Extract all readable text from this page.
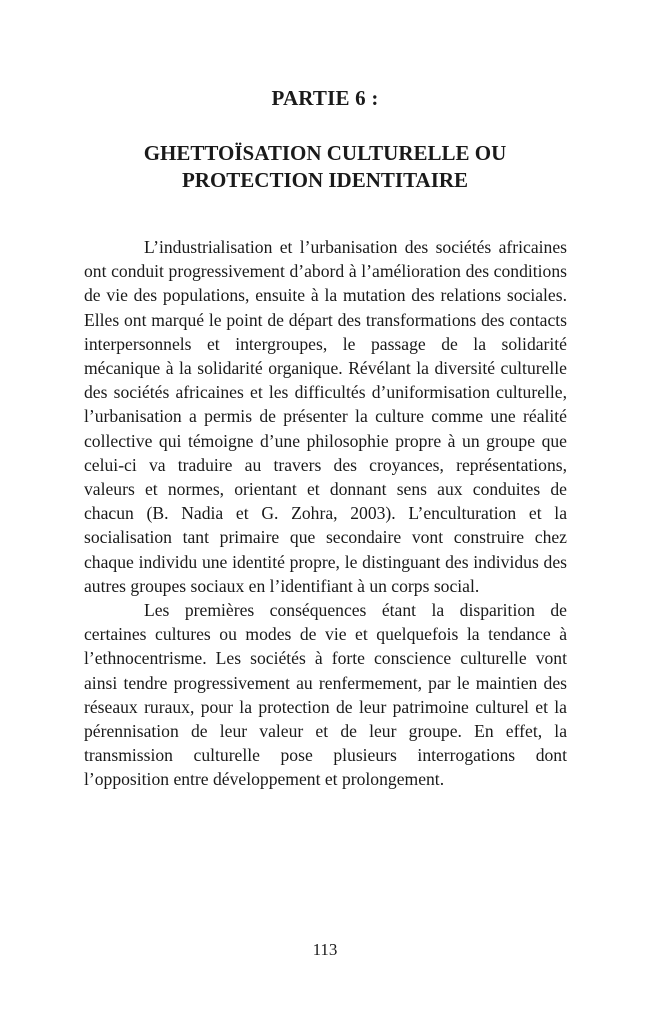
PARTIE 6 :
GHETTOÏSATION CULTURELLE OU
PROTECTION IDENTITAIRE

L’industrialisation et l’urbanisation des sociétés africaines ont conduit progressivement d’abord à l’amélioration des conditions de vie des populations, ensuite à la mutation des relations sociales. Elles ont marqué le point de départ des transformations des contacts interpersonnels et intergroupes, le passage de la solidarité mécanique à la solidarité organique. Révélant la diversité culturelle des sociétés africaines et les difficultés d’uniformisation culturelle, l’urbanisation a permis de présenter la culture comme une réalité collective qui témoigne d’une philosophie propre à un groupe que celui-ci va traduire au travers des croyances, représentations, valeurs et normes, orientant et donnant sens aux conduites de chacun (B. Nadia et G. Zohra, 2003). L’enculturation et la socialisation tant primaire que secondaire vont construire chez chaque individu une identité propre, le distinguant des individus des autres groupes sociaux en l’identifiant à un corps social.

Les premières conséquences étant la disparition de certaines cultures ou modes de vie et quelquefois la tendance à l’ethnocentrisme. Les sociétés à forte conscience culturelle vont ainsi tendre progressivement au renfermement, par le maintien des réseaux ruraux, pour la protection de leur patrimoine culturel et la pérennisation de leur valeur et de leur groupe. En effet, la transmission culturelle pose plusieurs interrogations dont l’opposition entre développement et prolongement.

113
